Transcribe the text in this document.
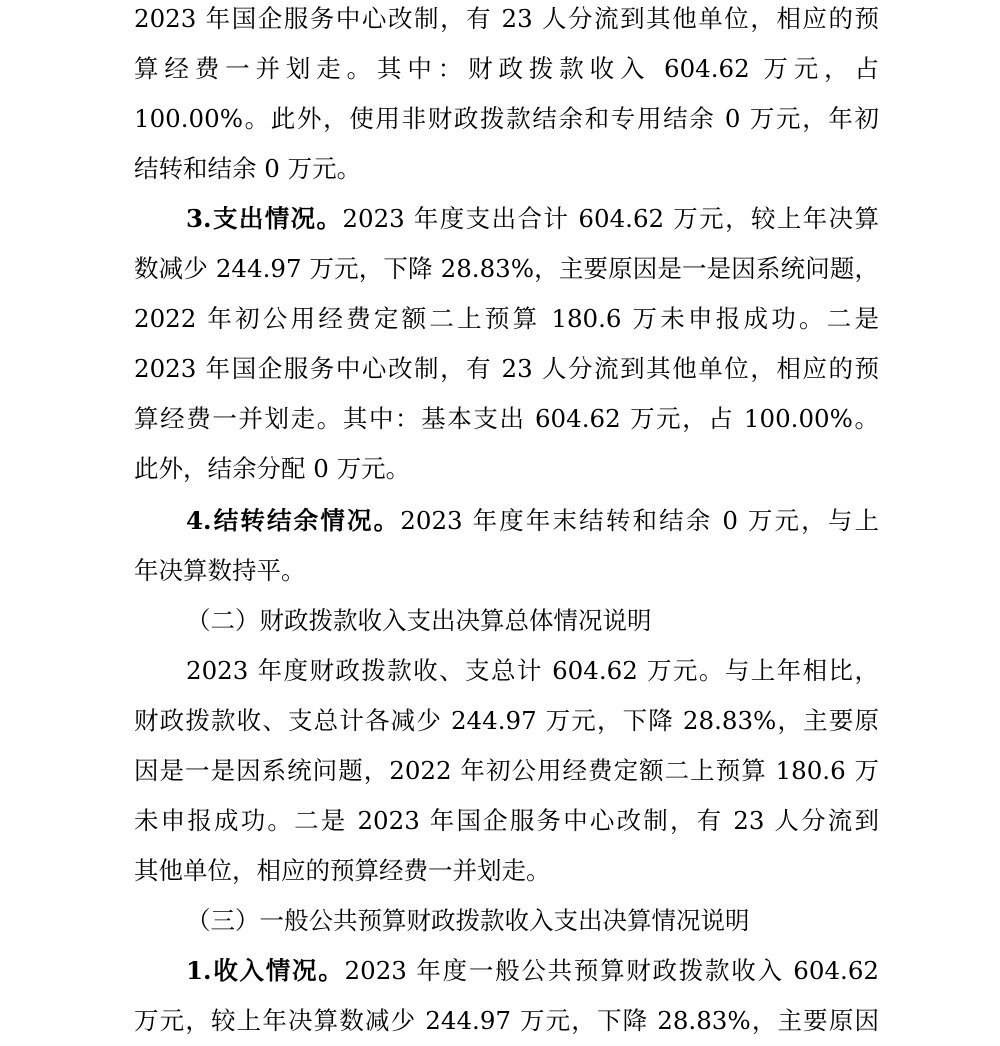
2023 年国企服务中心改制，有 23 人分流到其他单位，相应的预
算经费一并划走。其中：财政拨款收入 604.62 万元，占
100.00%。此外，使用非财政拨款结余和专用结余 0 万元，年初
结转和结余 0 万元。
3.支出情况。2023 年度支出合计 604.62 万元，较上年决算
数减少 244.97 万元，下降 28.83%，主要原因是一是因系统问题，
2022 年初公用经费定额二上预算 180.6 万未申报成功。二是
2023 年国企服务中心改制，有 23 人分流到其他单位，相应的预
算经费一并划走。其中：基本支出 604.62 万元，占 100.00%。
此外，结余分配 0 万元。
4.结转结余情况。2023 年度年末结转和结余 0 万元，与上
年决算数持平。
（二）财政拨款收入支出决算总体情况说明
2023 年度财政拨款收、支总计 604.62 万元。与上年相比，
财政拨款收、支总计各减少 244.97 万元，下降 28.83%，主要原
因是一是因系统问题，2022 年初公用经费定额二上预算 180.6 万
未申报成功。二是 2023 年国企服务中心改制，有 23 人分流到
其他单位，相应的预算经费一并划走。
（三）一般公共预算财政拨款收入支出决算情况说明
1.收入情况。2023 年度一般公共预算财政拨款收入 604.62
万元，较上年决算数减少 244.97 万元，下降 28.83%，主要原因
